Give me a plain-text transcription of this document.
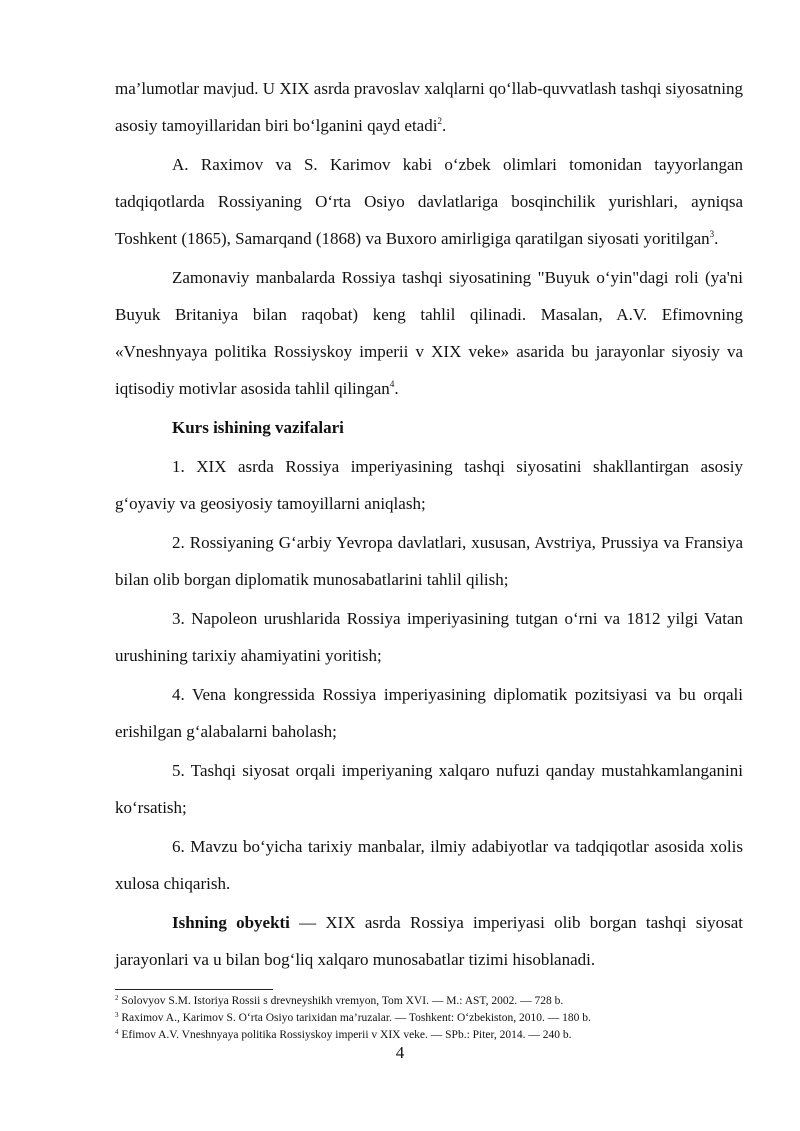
ma’lumotlar mavjud. U XIX asrda pravoslav xalqlarni qo‘llab-quvvatlash tashqi siyosatning asosiy tamoyillaridan biri bo‘lganini qayd etadi$^2$.

A. Raximov va S. Karimov kabi o‘zbek olimlari tomonidan tayyorlangan tadqiqotlarda Rossiyaning O‘rta Osiyo davlatlariga bosqinchilik yurishlari, ayniqsa Toshkent (1865), Samarqand (1868) va Buxoro amirligiga qaratilgan siyosati yoritilgan$^3$.

Zamonaviy manbalarda Rossiya tashqi siyosatining "Buyuk o‘yin"dagi roli (ya'ni Buyuk Britaniya bilan raqobat) keng tahlil qilinadi. Masalan, A.V. Efimovning «Vneshnyaya politika Rossiyskoy imperii v XIX veke» asarida bu jarayonlar siyosiy va iqtisodiy motivlar asosida tahlil qilingan$^4$.

Kurs ishining vazifalari

1. XIX asrda Rossiya imperiyasining tashqi siyosatini shakllantirgan asosiy g‘oyaviy va geosiyosiy tamoyillarni aniqlash;

2. Rossiyaning G‘arbiy Yevropa davlatlari, xususan, Avstriya, Prussiya va Fransiya bilan olib borgan diplomatik munosabatlarini tahlil qilish;

3. Napoleon urushlarida Rossiya imperiyasining tutgan o‘rni va 1812 yilgi Vatan urushining tarixiy ahamiyatini yoritish;

4. Vena kongressida Rossiya imperiyasining diplomatik pozitsiyasi va bu orqali erishilgan g‘alabalarni baholash;

5. Tashqi siyosat orqali imperiyaning xalqaro nufuzi qanday mustahkamlanganini ko‘rsatish;

6. Mavzu bo‘yicha tarixiy manbalar, ilmiy adabiyotlar va tadqiqotlar asosida xolis xulosa chiqarish.

Ishning obyekti — XIX asrda Rossiya imperiyasi olib borgan tashqi siyosat jarayonlari va u bilan bog‘liq xalqaro munosabatlar tizimi hisoblanadi.

$^2$ Solovyov S.M. Istoriya Rossii s drevneyshikh vremyon, Tom XVI. — M.: AST, 2002. — 728 b.
$^3$ Raximov A., Karimov S. O‘rta Osiyo tarixidan ma’ruzalar. — Toshkent: O‘zbekiston, 2010. — 180 b.
$^4$ Efimov A.V. Vneshnyaya politika Rossiyskoy imperii v XIX veke. — SPb.: Piter, 2014. — 240 b.
4
